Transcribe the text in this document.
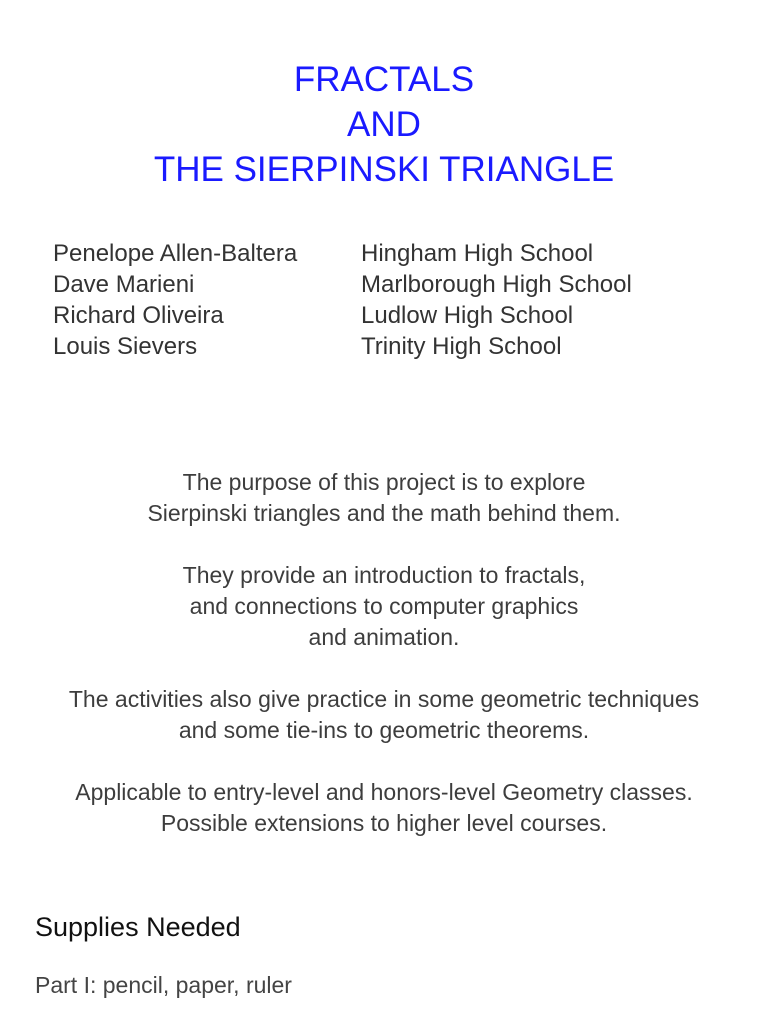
FRACTALS
AND
THE SIERPINSKI TRIANGLE
Penelope Allen-Baltera	Hingham High School
Dave Marieni	Marlborough High School
Richard Oliveira	Ludlow High School
Louis Sievers	Trinity High School

The purpose of this project is to explore
Sierpinski triangles and the math behind them.

They provide an introduction to fractals,
and connections to computer graphics
and animation.

The activities also give practice in some geometric techniques
and some tie-ins to geometric theorems.

Applicable to entry-level and honors-level Geometry classes.
Possible extensions to higher level courses.

Supplies Needed
Part I: pencil, paper, ruler
